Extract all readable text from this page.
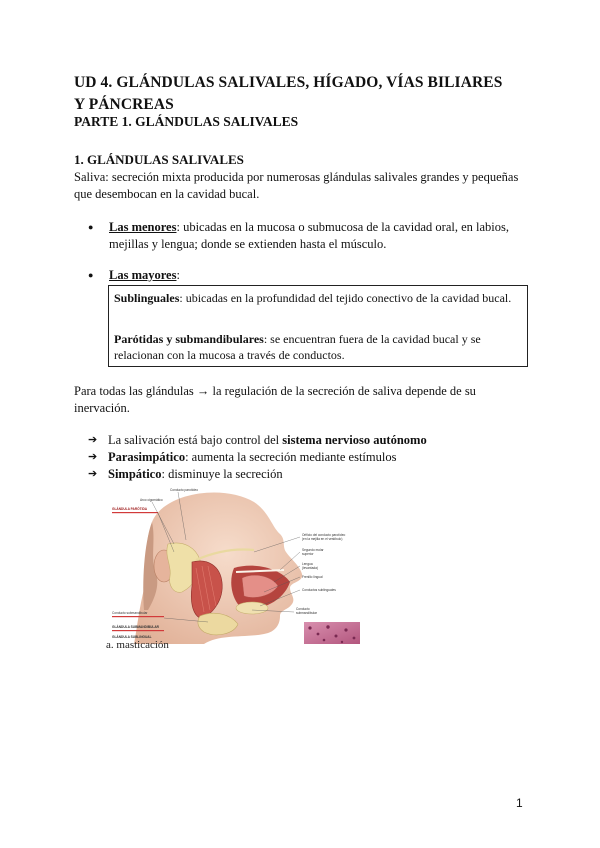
UD 4. GLÁNDULAS SALIVALES, HÍGADO, VÍAS BILIARES Y PÁNCREAS
PARTE 1. GLÁNDULAS SALIVALES
1. GLÁNDULAS SALIVALES
Saliva: secreción mixta producida por numerosas glándulas salivales grandes y pequeñas que desembocan en la cavidad bucal.
● Las menores: ubicadas en la mucosa o submucosa de la cavidad oral, en labios, mejillas y lengua; donde se extienden hasta el músculo.
● Las mayores:
Sublinguales: ubicadas en la profundidad del tejido conectivo de la cavidad bucal.
Parótidas y submandibulares: se encuentran fuera de la cavidad bucal y se relacionan con la mucosa a través de conductos.
Para todas las glándulas → la regulación de la secreción de saliva depende de su inervación.
➔ La salivación está bajo control del sistema nervioso autónomo
➔ Parasimpático: aumenta la secreción mediante estímulos
➔ Simpático: disminuye la secreción
Conducto parotídeo
Arco cigomático
GLÁNDULA PARÓTIDA
Orificio del conducto parotídeo
(en la mejilla en el vestíbulo)
Segundo molar
superior
Lengua
(levantada)
Frenillo lingual
Conductos sublinguales
Conducto
submandibular
Conducto submandibular
GLÁNDULA SUBMANDIBULAR
GLÁNDULA SUBLINGUAL
a. masticación
1
